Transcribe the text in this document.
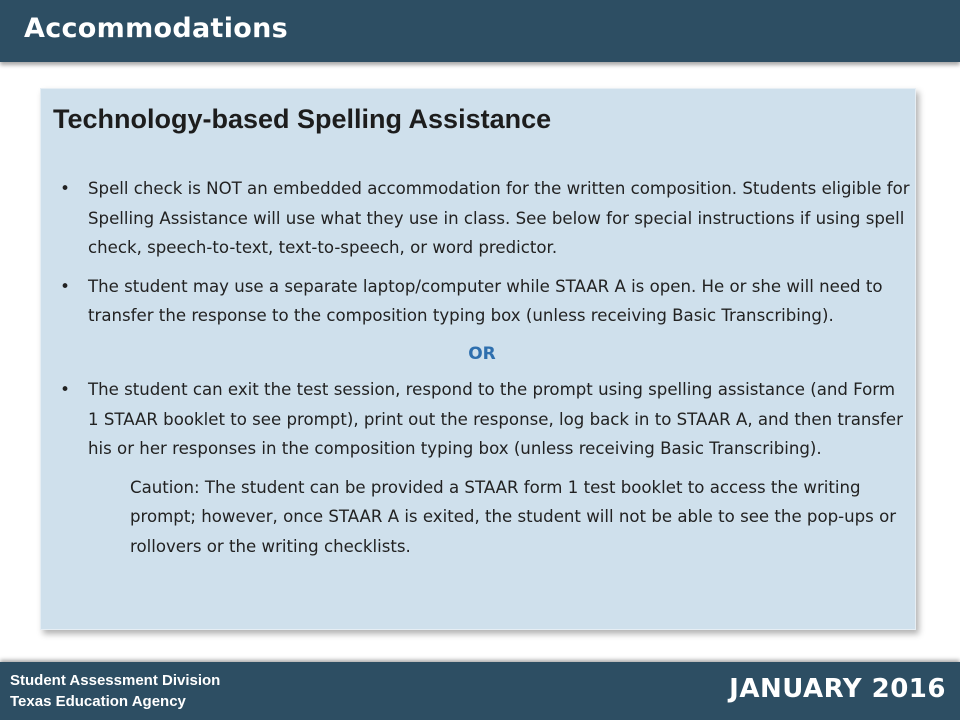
Accommodations
Technology-based Spelling Assistance
• Spell check is NOT an embedded accommodation for the written composition. Students eligible for Spelling Assistance will use what they use in class. See below for special instructions if using spell check, speech-to-text, text-to-speech, or word predictor.
• The student may use a separate laptop/computer while STAAR A is open. He or she will need to transfer the response to the composition typing box (unless receiving Basic Transcribing).
OR
• The student can exit the test session, respond to the prompt using spelling assistance (and Form 1 STAAR booklet to see prompt), print out the response, log back in to STAAR A, and then transfer his or her responses in the composition typing box (unless receiving Basic Transcribing).
Caution: The student can be provided a STAAR form 1 test booklet to access the writing prompt; however, once STAAR A is exited, the student will not be able to see the pop-ups or rollovers or the writing checklists.
Student Assessment Division
Texas Education Agency	JANUARY 2016
